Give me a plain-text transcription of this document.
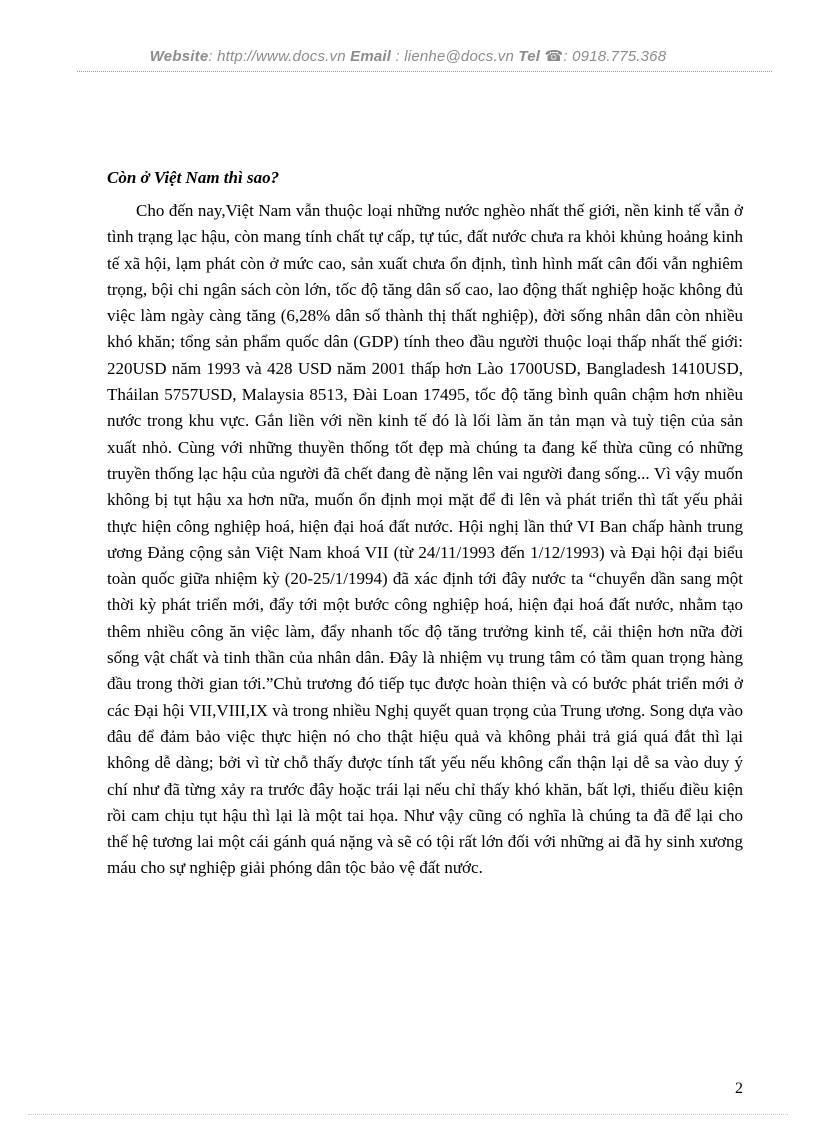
Website: http://www.docs.vn Email : lienhe@docs.vn Tel ☎: 0918.775.368

Còn ở Việt Nam thì sao?

Cho đến nay,Việt Nam vẫn thuộc loại những nước nghèo nhất thế giới, nền kinh tế vẫn ở tình trạng lạc hậu, còn mang tính chất tự cấp, tự túc, đất nước chưa ra khỏi khủng hoảng kinh tế xã hội, lạm phát còn ở mức cao, sản xuất chưa ổn định, tình hình mất cân đối vẫn nghiêm trọng, bội chi ngân sách còn lớn, tốc độ tăng dân số cao, lao động thất nghiệp hoặc không đủ việc làm ngày càng tăng (6,28% dân số thành thị thất nghiệp), đời sống nhân dân còn nhiều khó khăn; tổng sản phẩm quốc dân (GDP) tính theo đầu người thuộc loại thấp nhất thế giới: 220USD năm 1993 và 428 USD năm 2001 thấp hơn Lào 1700USD, Bangladesh 1410USD, Tháilan 5757USD, Malaysia 8513, Đài Loan 17495, tốc độ tăng bình quân chậm hơn nhiều nước trong khu vực. Gắn liền với nền kinh tế đó là lối làm ăn tản mạn và tuỳ tiện của sản xuất nhỏ. Cùng với những thuyền thống tốt đẹp mà chúng ta đang kế thừa cũng có những truyền thống lạc hậu của người đã chết đang đè nặng lên vai người đang sống... Vì vậy muốn không bị tụt hậu xa hơn nữa, muốn ổn định mọi mặt để đi lên và phát triển thì tất yếu phải thực hiện công nghiệp hoá, hiện đại hoá đất nước. Hội nghị lần thứ VI Ban chấp hành trung ương Đảng cộng sản Việt Nam khoá VII (từ 24/11/1993 đến 1/12/1993) và Đại hội đại biểu toàn quốc giữa nhiệm kỳ (20-25/1/1994) đã xác định tới đây nước ta “chuyển dần sang một thời kỳ phát triển mới, đẩy tới một bước công nghiệp hoá, hiện đại hoá đất nước, nhằm tạo thêm nhiều công ăn việc làm, đẩy nhanh tốc độ tăng trưởng kinh tế, cải thiện hơn nữa đời sống vật chất và tinh thần của nhân dân. Đây là nhiệm vụ trung tâm có tầm quan trọng hàng đầu trong thời gian tới.”Chủ trương đó tiếp tục được hoàn thiện và có bước phát triển mới ở các Đại hội VII,VIII,IX và trong nhiều Nghị quyết quan trọng của Trung ương. Song dựa vào đâu để đảm bảo việc thực hiện nó cho thật hiệu quả và không phải trả giá quá đắt thì lại không dễ dàng; bởi vì từ chỗ thấy được tính tất yếu nếu không cẩn thận lại dễ sa vào duy ý chí như đã từng xảy ra trước đây hoặc trái lại nếu chỉ thấy khó khăn, bất lợi, thiếu điều kiện rồi cam chịu tụt hậu thì lại là một tai họa. Như vậy cũng có nghĩa là chúng ta đã để lại cho thế hệ tương lai một cái gánh quá nặng và sẽ có tội rất lớn đối với những ai đã hy sinh xương máu cho sự nghiệp giải phóng dân tộc bảo vệ đất nước.

2
